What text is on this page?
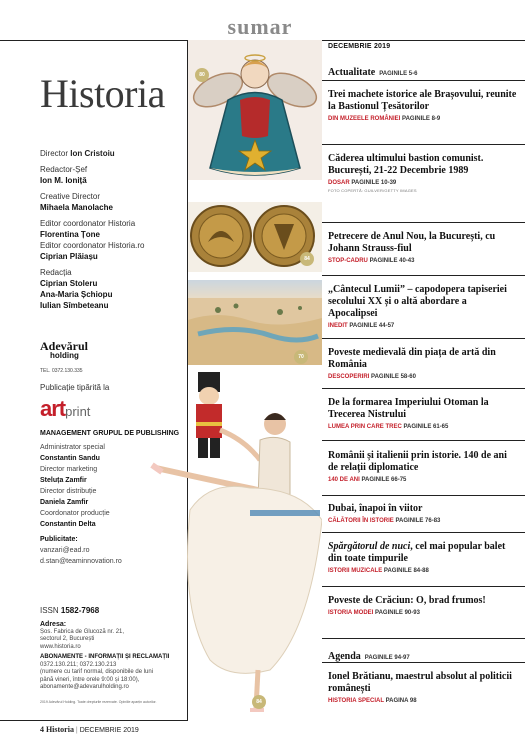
sumar
Historia
Director Ion Cristoiu
Redactor-Șef
Ion M. Ioniță
Creative Director
Mihaela Manolache
Editor coordonator Historia
Florentina Țone
Editor coordonator Historia.ro
Ciprian Plăiașu
Redacția
Ciprian Stoleru
Ana-Maria Șchiopu
Iulian Sîmbeteanu
Adevărul
holding
TEL. 0372.130.335
Publicație tipărită la
artprint
MANAGEMENT GRUPUL DE PUBLISHING
Administrator special
Constantin Sandu
Director marketing
Steluța Zamfir
Director distribuție
Daniela Zamfir
Coordonator producție
Constantin Delta
Publicitate:
vanzari@ead.ro
d.stan@teaminnovation.ro
ISSN 1582-7968
Adresa:
Șos. Fabrica de Glucoză nr. 21,
sectorul 2, București
www.historia.ro
ABONAMENTE - INFORMAȚII ȘI RECLAMAȚII
0372.130.211; 0372.130.213
(numere cu tarif normal, disponibile de luni
până vineri, între orele 9:00 și 18:00),
abonamente@adevarulholding.ro
2019 Adevărul Holding. Toate drepturile rezervate. Opiniile aparțin autorilor.
4 Historia | DECEMBRIE 2019
80
84
70
84
DECEMBRIE 2019
Actualitate PAGINILE 5-6
Trei machete istorice ale Brașovului, reunite la Bastionul Țesătorilor
DIN MUZEELE ROMÂNIEI PAGINILE 8-9
Căderea ultimului bastion comunist. București, 21-22 Decembrie 1989
DOSAR PAGINILE 10-39
FOTO COPERTĂ: GUILVER/GETTY IMAGES
Petrecere de Anul Nou, la București, cu Johann Strauss-fiul
STOP-CADRU PAGINILE 40-43
„Cântecul Lumii” – capodopera tapiseriei secolului XX și o altă abordare a Apocalipsei
INEDIT PAGINILE 44-57
Poveste medievală din piața de artă din România
DESCOPERIRI PAGINILE 58-60
De la formarea Imperiului Otoman la Trecerea Nistrului
LUMEA PRIN CARE TREC PAGINILE 61-65
Românii și italienii prin istorie. 140 de ani de relații diplomatice
140 DE ANI PAGINILE 66-75
Dubai, înapoi în viitor
CĂLĂTORII ÎN ISTORIE PAGINILE 76-83
Spărgătorul de nuci, cel mai popular balet din toate timpurile
ISTORII MUZICALE PAGINILE 84-88
Poveste de Crăciun: O, brad frumos!
ISTORIA MODEI PAGINILE 90-93
Agenda PAGINILE 94-97
Ionel Brătianu, maestrul absolut al politicii românești
HISTORIA SPECIAL PAGINA 98
